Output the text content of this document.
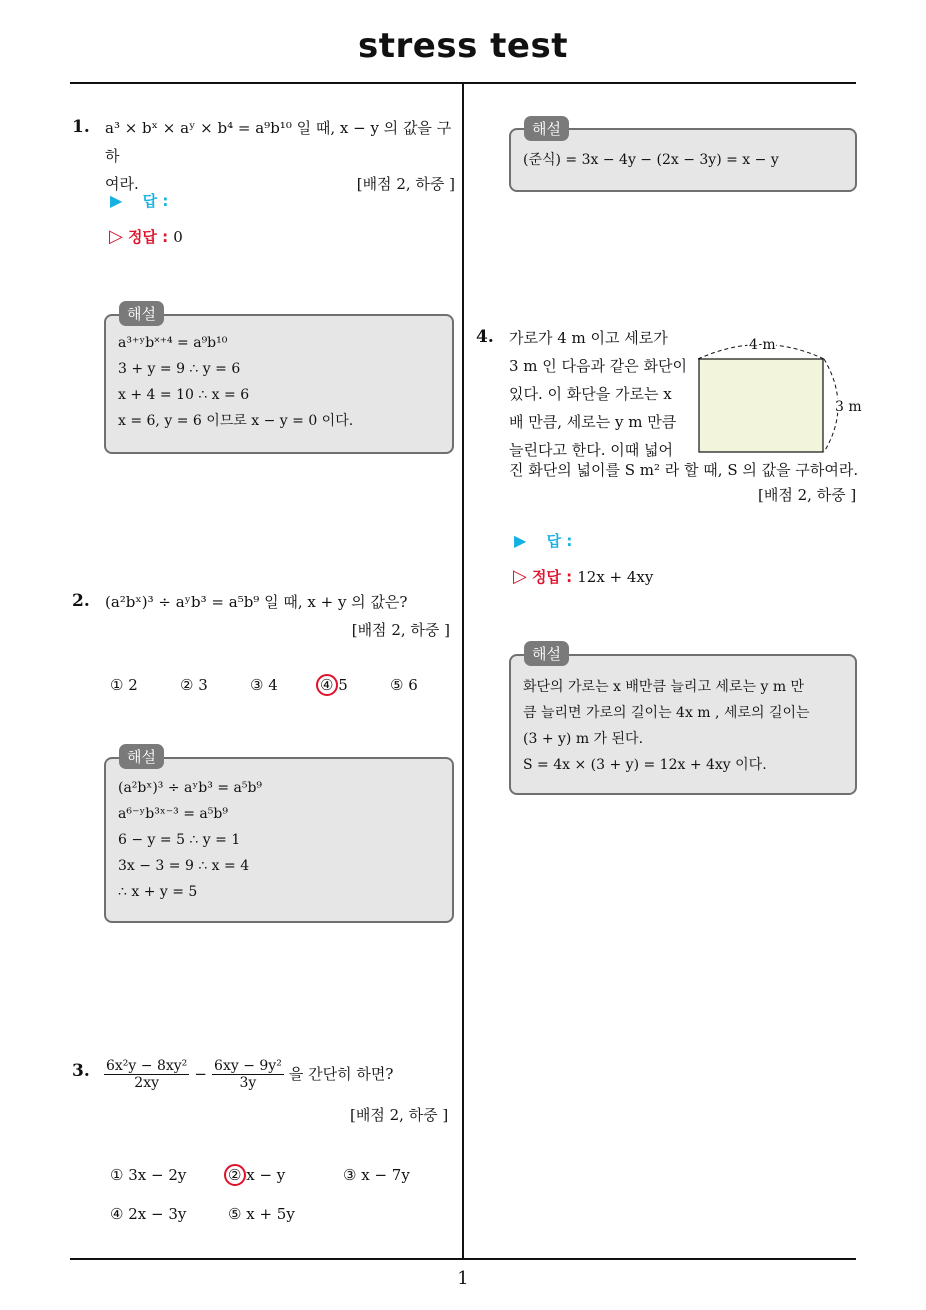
stress test
1
1. a³ × bˣ × aʸ × b⁴ = a⁹b¹⁰ 일 때, x − y 의 값을 구하
여라.	[배점 2, 하중 ]
▶ 답 :
▷ 정답 : 0
a³⁺ʸb˟⁺⁴ = a⁹b¹⁰
3 + y = 9 ∴ y = 6
x + 4 = 10 ∴ x = 6
x = 6, y = 6 이므로 x − y = 0 이다.
해설
2. (a²bˣ)³ ÷ aʸb³ = a⁵b⁹ 일 때, x + y 의 값은?
[배점 2, 하중 ]
① 2	② 3	③ 4	④ 5	⑤ 6
(a²bˣ)³ ÷ aʸb³ = a⁵b⁹
a⁶⁻ʸb³ˣ⁻³ = a⁵b⁹
6 − y = 5 ∴ y = 1
3x − 3 = 9 ∴ x = 4
∴ x + y = 5
해설
3. $\frac{\text{6x²y − 8xy²}}{2xy} - \frac{\text{6xy − 9y²}}{3y}$ 을 간단히 하면?
[배점 2, 하중 ]
① 3x − 2y	② x − y	③ x − 7y
④ 2x − 3y	⑤ x + 5y
(준식) = 3x − 4y − (2x − 3y) = x − y
해설
4. 가로가 4 m 이고 세로가
3 m 인 다음과 같은 화단이
있다. 이 화단을 가로는 x
배 만큼, 세로는 y m 만큼
늘린다고 한다. 이때 넓어
진 화단의 넓이를 S m² 라 할 때, S 의 값을 구하여라.
[배점 2, 하중 ]
4 m
3 m
▶ 답 :
▷ 정답 : 12x + 4xy
화단의 가로는 x 배만큼 늘리고 세로는 y m 만
큼 늘리면 가로의 길이는 4x m , 세로의 길이는
(3 + y) m 가 된다.
S = 4x × (3 + y) = 12x + 4xy 이다.
해설
